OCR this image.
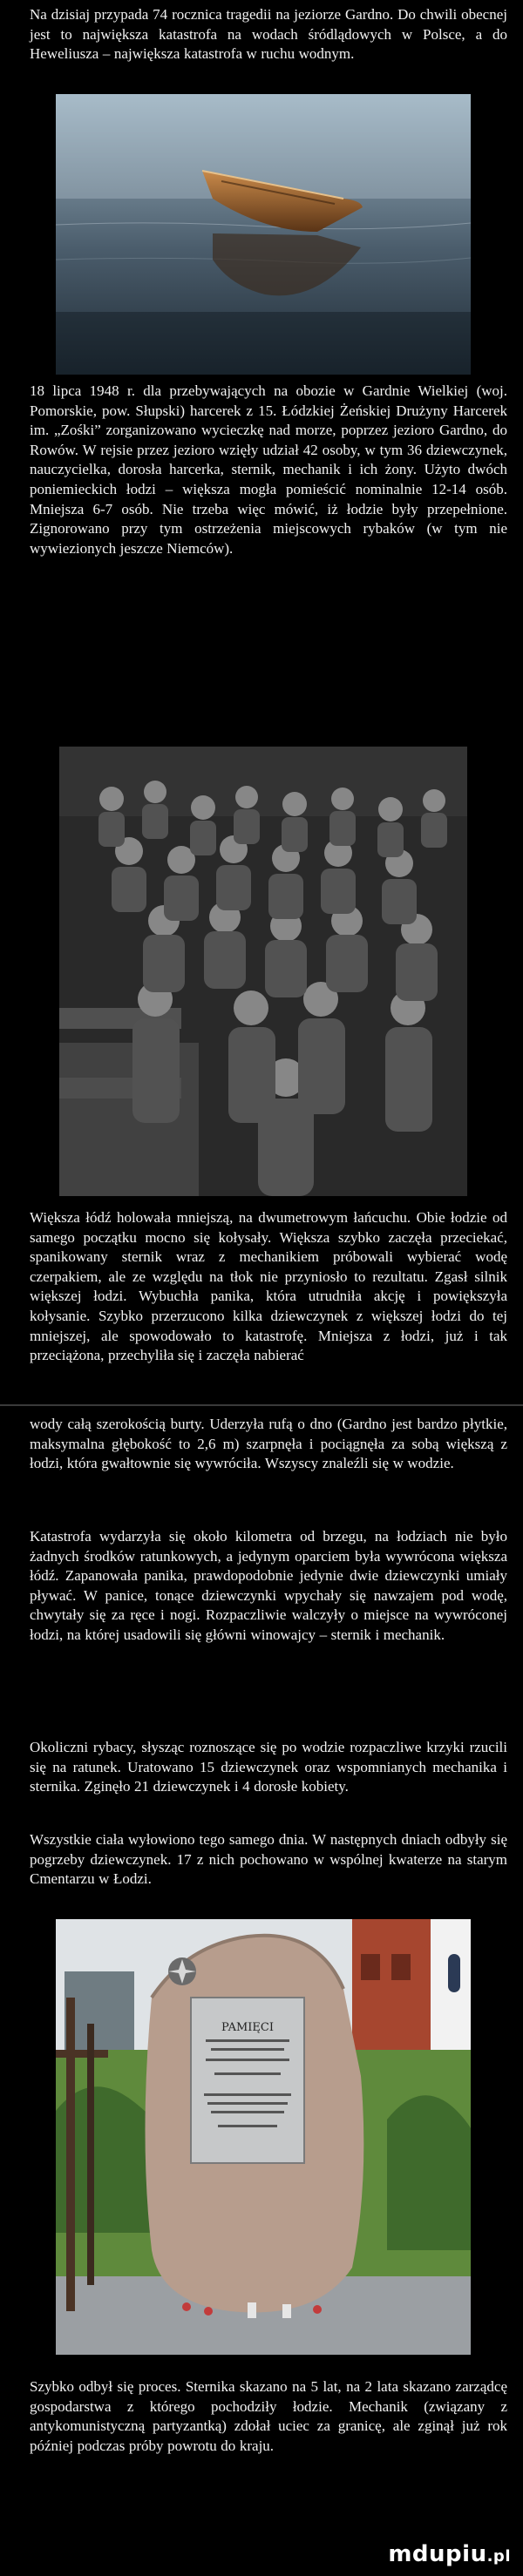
Na dzisiaj przypada 74 rocznica tragedii na jeziorze Gardno. Do chwili obecnej jest to największa katastrofa na wodach śródlądowych w Polsce, a do Heweliusza – największa katastrofa w ruchu wodnym.

18 lipca 1948 r. dla przebywających na obozie w Gardnie Wielkiej (woj. Pomorskie, pow. Słupski) harcerek z 15. Łódzkiej Żeńskiej Drużyny Harcerek im. „Zośki” zorganizowano wycieczkę nad morze, poprzez jezioro Gardno, do Rowów. W rejsie przez jezioro wzięły udział 42 osoby, w tym 36 dziewczynek, nauczycielka, dorosła harcerka, sternik, mechanik i ich żony. Użyto dwóch poniemieckich łodzi – większa mogła pomieścić nominalnie 12-14 osób. Mniejsza 6-7 osób. Nie trzeba więc mówić, iż łodzie były przepełnione. Zignorowano przy tym ostrzeżenia miejscowych rybaków (w tym nie wywiezionych jeszcze Niemców).

Większa łódź holowała mniejszą, na dwumetrowym łańcuchu. Obie łodzie od samego początku mocno się kołysały. Większa szybko zaczęła przeciekać, spanikowany sternik wraz z mechanikiem próbowali wybierać wodę czerpakiem, ale ze względu na tłok nie przyniosło to rezultatu. Zgasł silnik większej łodzi. Wybuchła panika, która utrudniła akcję i powiększyła kołysanie. Szybko przerzucono kilka dziewczynek z większej łodzi do tej mniejszej, ale spowodowało to katastrofę. Mniejsza z łodzi, już i tak przeciążona, przechyliła się i zaczęła nabierać

wody całą szerokością burty. Uderzyła rufą o dno (Gardno jest bardzo płytkie, maksymalna głębokość to 2,6 m) szarpnęła i pociągnęła za sobą większą z łodzi, która gwałtownie się wywróciła. Wszyscy znaleźli się w wodzie.

Katastrofa wydarzyła się około kilometra od brzegu, na łodziach nie było żadnych środków ratunkowych, a jedynym oparciem była wywrócona większa łódź. Zapanowała panika, prawdopodobnie jedynie dwie dziewczynki umiały pływać. W panice, tonące dziewczynki wpychały się nawzajem pod wodę, chwytały się za ręce i nogi. Rozpaczliwie walczyły o miejsce na wywróconej łodzi, na której usadowili się główni winowajcy – sternik i mechanik.

Okoliczni rybacy, słysząc roznoszące się po wodzie rozpaczliwe krzyki rzucili się na ratunek. Uratowano 15 dziewczynek oraz wspomnianych mechanika i sternika. Zginęło 21 dziewczynek i 4 dorosłe kobiety.

Wszystkie ciała wyłowiono tego samego dnia. W następnych dniach odbyły się pogrzeby dziewczynek. 17 z nich pochowano w wspólnej kwaterze na starym Cmentarzu w Łodzi.

PAMIĘCI

Szybko odbył się proces. Sternika skazano na 5 lat, na 2 lata skazano zarządcę gospodarstwa z którego pochodziły łodzie. Mechanik (związany z antykomunistyczną partyzantką) zdołał uciec za granicę, ale zginął już rok później podczas próby powrotu do kraju.

mdupiu.pl
